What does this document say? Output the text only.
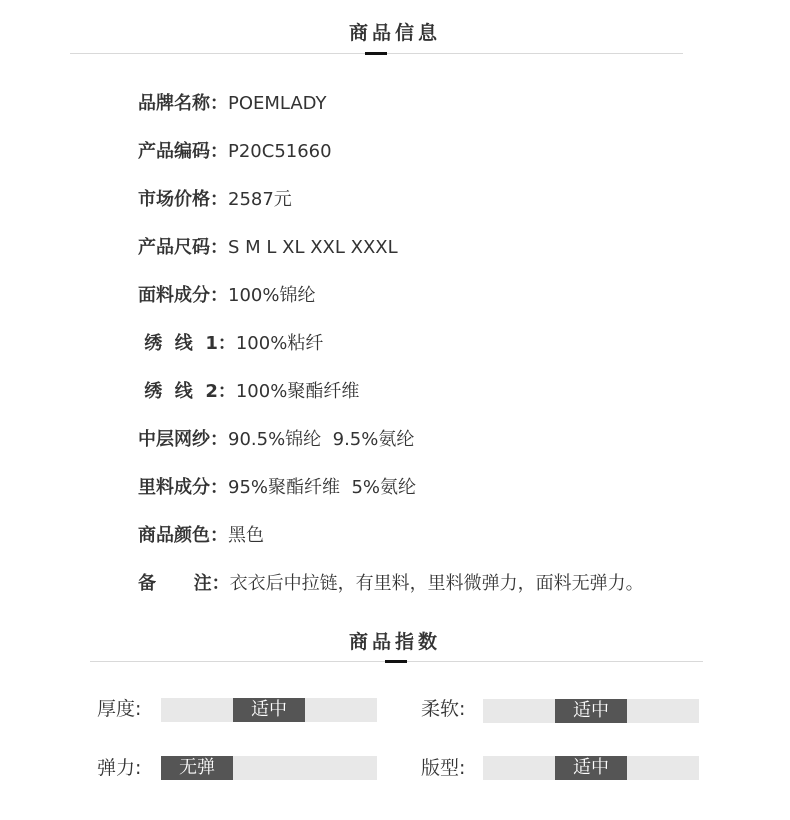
商品信息
品牌名称：POEMLADY
产品编码：P20C51660
市场价格：2587元
产品尺码：S M L XL XXL XXXL
面料成分：100%锦纶
绣  线  1：100%粘纤
绣  线  2：100%聚酯纤维
中层网纱：90.5%锦纶  9.5%氨纶
里料成分：95%聚酯纤维  5%氨纶
商品颜色：黑色
备      注：衣衣后中拉链，有里料，里料微弹力，面料无弹力。
商品指数
厚度:	适中	柔软:	适中
弹力:	无弹	版型:	适中
